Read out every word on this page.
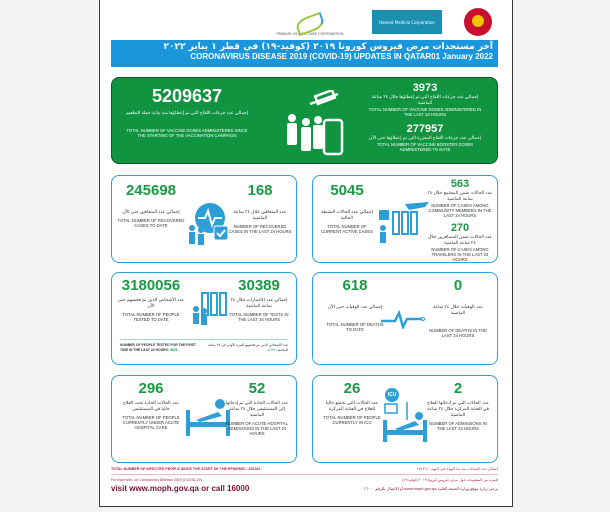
PRIMARY HEALTH CARE CORPORATION
Hamad Medical Corporation
آخر مستجدات مرض فيروس كورونا ٢٠١٩ (كوفيد-١٩) في قطر ١ يناير ٢٠٢٢
CORONAVIRUS DISEASE 2019 (COVID-19) UPDATES IN QATAR01 January 2022
5209637
إجمالي عدد جرعات اللقاح التي تم إعطاؤها منذ بداية حملة التطعيم
TOTAL NUMBER OF VACCINE DOSES ADMINISTERED SINCE THE STARTING OF THE VACCINATION CAMPAIGN
3973
إجمالي عدد جرعات اللقاح التي تم إعطاؤها خلال ٢٤ ساعة الماضية
TOTAL NUMBER OF VACCINE DOSES ADMINISTERED IN THE LAST 24 HOURS
277957
إجمالي عدد جرعات اللقاح المعززة التي تم إعطاؤها حتى الآن
TOTAL NUMBER OF VACCINE BOOSTER DOSES ADMINISTERED TO DATE
245698
إجمالي عدد المتعافين حتى الآن
TOTAL NUMBER OF RECOVERED CASES TO DATE
168
عدد المتعافين خلال ٢٤ ساعة الماضية
NUMBER OF RECOVERED CASES IN THE LAST 24 HOURS
5045
إجمالي عدد الحالات النشطة الحالية
TOTAL NUMBER OF CURRENT ACTIVE CASES
563
عدد الحالات ضمن المجتمع خلال ٢٤ ساعة الماضية
NUMBER OF CASES AMONG COMMUNITY MEMBERS IN THE LAST 24 HOURS
270
عدد الحالات ضمن المسافرين خلال ٢٤ ساعة الماضية
NUMBER OF CASES AMONG TRAVELERS IN THE LAST 24 HOURS
3180056
عدد الأشخاص الذين تم فحصهم حتى الآن
TOTAL NUMBER OF PEOPLE TESTED TO DATE
30389
إجمالي عدد الاختبارات خلال ٢٤ ساعة الماضية
TOTAL NUMBER OF TESTS IN THE LAST 24 HOURS
NUMBER OF PEOPLE TESTED FOR THE FIRST TIME IN THE LAST 24 HOURS: 5623
عدد الأشخاص الذين تم فحصهم للمرة الأولى في ٢٤ ساعة الماضية: ٥٦٢٣
618
إجمالي عدد الوفيات حتى الآن
TOTAL NUMBER OF DEATHS TO DATE
0
عدد الوفيات خلال ٢٤ ساعة الماضية
NUMBER OF DEATHS IN THE LAST 24 HOURS
296
عدد الحالات الحادة تحت العلاج حاليا في المستشفى
TOTAL NUMBER OF PEOPLE CURRENTLY UNDER ACUTE HOSPITAL CARE
52
عدد الحالات الحادة التي تم إدخالها إلى المستشفى خلال ٢٤ ساعة الماضية
NUMBER OF ACUTE HOSPITAL ADMISSIONS IN THE LAST 24 HOURS
26
عدد الحالات التي تخضع حاليا للعلاج في العناية المركزة
TOTAL NUMBER OF PEOPLE CURRENTLY IN ICU
ICU	2
عدد الحالات التي تم إدخالها للعلاج في العناية المركزة خلال ٢٤ ساعة الماضية
NUMBER OF ADMISSIONS IN THE LAST 24 HOURS
TOTAL NUMBER OF INFECTED PEOPLE SINCE THE START OF THE EPIDEMIC : 251361	إجمالي عدد الإصابات منذ بدء الوباء حتى اليوم : ٢٥١٣٦١
For more info. on Coronavirus Disease 2019 (COVID-19)
visit www.moph.gov.qa or call 16000
للمزيد من المعلومات حول مرض فيروس كورونا ٢٠١٩ (كوفيد-١٩)
يرجى زيارة موقع وزارة الصحة العامة www.moph.gov.qa أو الاتصال بالرقم ١٦٠٠٠
